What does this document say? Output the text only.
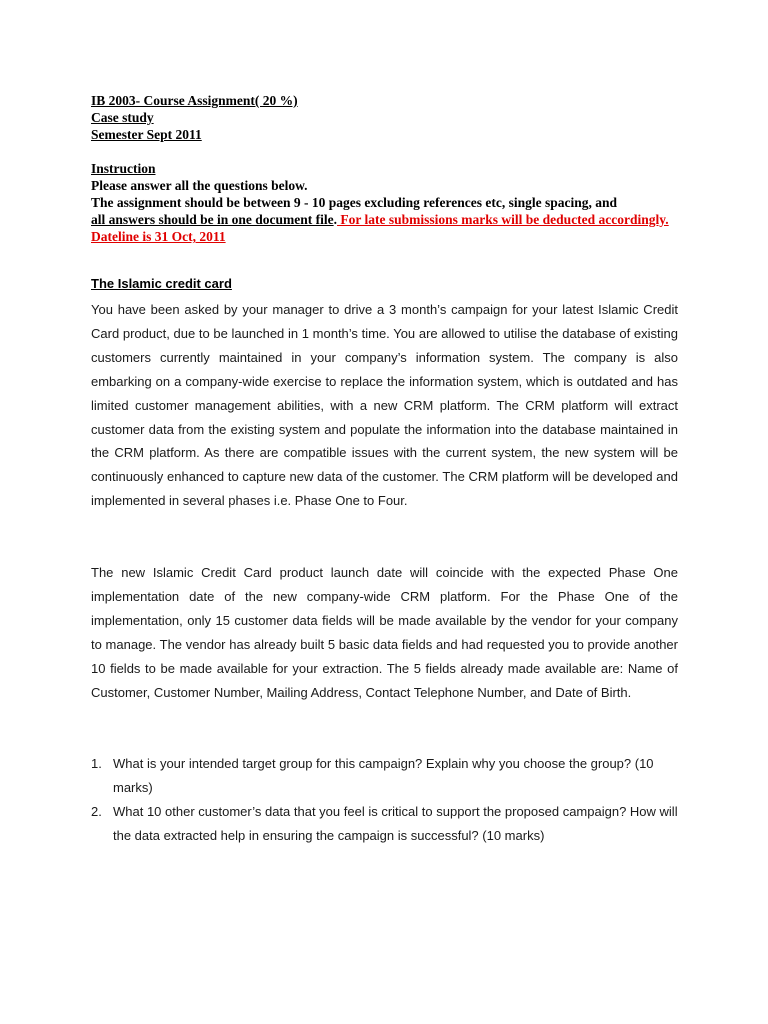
IB 2003- Course Assignment( 20 %)
Case study
Semester Sept 2011
Instruction
Please answer all the questions below.
The assignment should be between 9 - 10 pages excluding references etc, single spacing, and
all answers should be in one document file. For late submissions marks will be deducted accordingly. Dateline is 31 Oct, 2011
The Islamic credit card

You have been asked by your manager to drive a 3 month’s campaign for your latest Islamic Credit Card product, due to be launched in 1 month’s time. You are allowed to utilise the database of existing customers currently maintained in your company’s information system. The company is also embarking on a company-wide exercise to replace the information system, which is outdated and has limited customer management abilities, with a new CRM platform. The CRM platform will extract customer data from the existing system and populate the information into the database maintained in the CRM platform. As there are compatible issues with the current system, the new system will be continuously enhanced to capture new data of the customer. The CRM platform will be developed and implemented in several phases i.e. Phase One to Four.

The new Islamic Credit Card product launch date will coincide with the expected Phase One implementation date of the new company-wide CRM platform. For the Phase One of the implementation, only 15 customer data fields will be made available by the vendor for your company to manage. The vendor has already built 5 basic data fields and had requested you to provide another 10 fields to be made available for your extraction. The 5 fields already made available are: Name of Customer, Customer Number, Mailing Address, Contact Telephone Number, and Date of Birth.

1. What is your intended target group for this campaign? Explain why you choose the group? (10 marks)
2. What 10 other customer’s data that you feel is critical to support the proposed campaign? How will the data extracted help in ensuring the campaign is successful? (10 marks)
